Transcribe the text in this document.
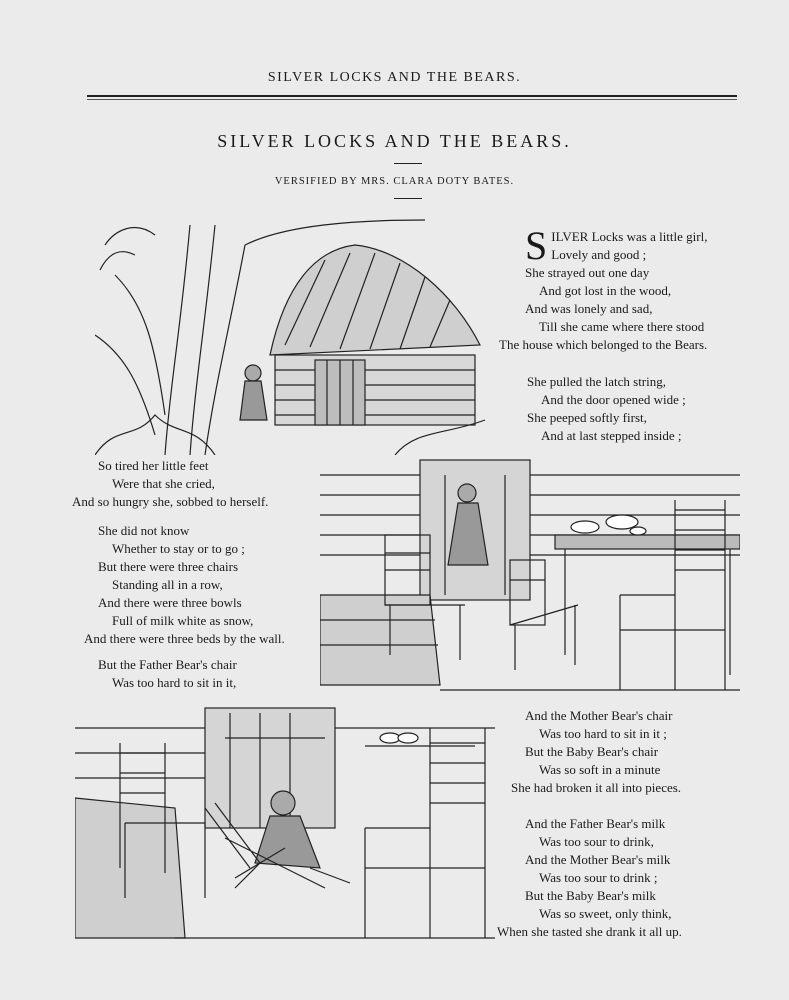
SILVER LOCKS AND THE BEARS.
SILVER LOCKS AND THE BEARS.
VERSIFIED BY MRS. CLARA DOTY BATES.
S ILVER Locks was a little girl,
Lovely and good ;
She strayed out one day
And got lost in the wood,
And was lonely and sad,
Till she came where there stood
The house which belonged to the Bears.
She pulled the latch string,
And the door opened wide ;
She peeped softly first,
And at last stepped inside ;
So tired her little feet
Were that she cried,
And so hungry she, sobbed to herself.
She did not know
Whether to stay or to go ;
But there were three chairs
Standing all in a row,
And there were three bowls
Full of milk white as snow,
And there were three beds by the wall.
But the Father Bear's chair
Was too hard to sit in it,
And the Mother Bear's chair
Was too hard to sit in it ;
But the Baby Bear's chair
Was so soft in a minute
She had broken it all into pieces.
And the Father Bear's milk
Was too sour to drink,
And the Mother Bear's milk
Was too sour to drink ;
But the Baby Bear's milk
Was so sweet, only think,
When she tasted she drank it all up.
